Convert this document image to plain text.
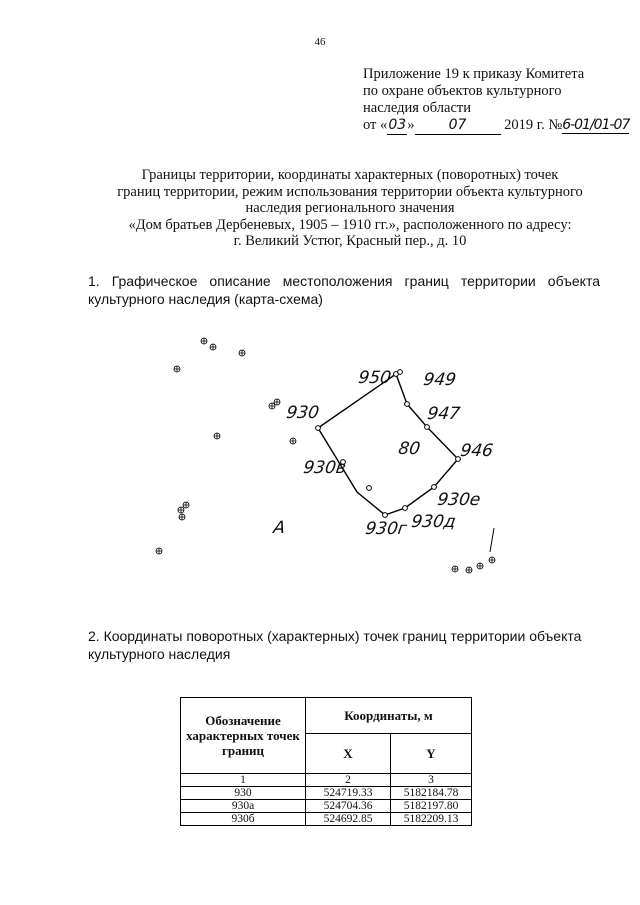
46
Приложение 19 к приказу Комитета
по охране объектов культурного
наследия области
от «03» 07	2019 г. №6-01/01-07
Границы территории, координаты характерных (поворотных) точек
границ территории, режим использования территории объекта культурного
наследия регионального значения
«Дом братьев Дербеневых, 1905 – 1910 гг.», расположенного по адресу:
г. Великий Устюг, Красный пер., д. 10
1.  Графическое  описание  местоположения  границ  территории  объекта
культурного наследия (карта-схема)
950 949
930	947
80 946
930в
930е
A	930г 930д
2. Координаты поворотных (характерных) точек границ территории объекта
культурного наследия
Обозначение характерных точек границ	Координаты, м	
	X	Y
1	2	3
930	524719.33	5182184.78
930а	524704.36	5182197.80
930б	524692.85	5182209.13
